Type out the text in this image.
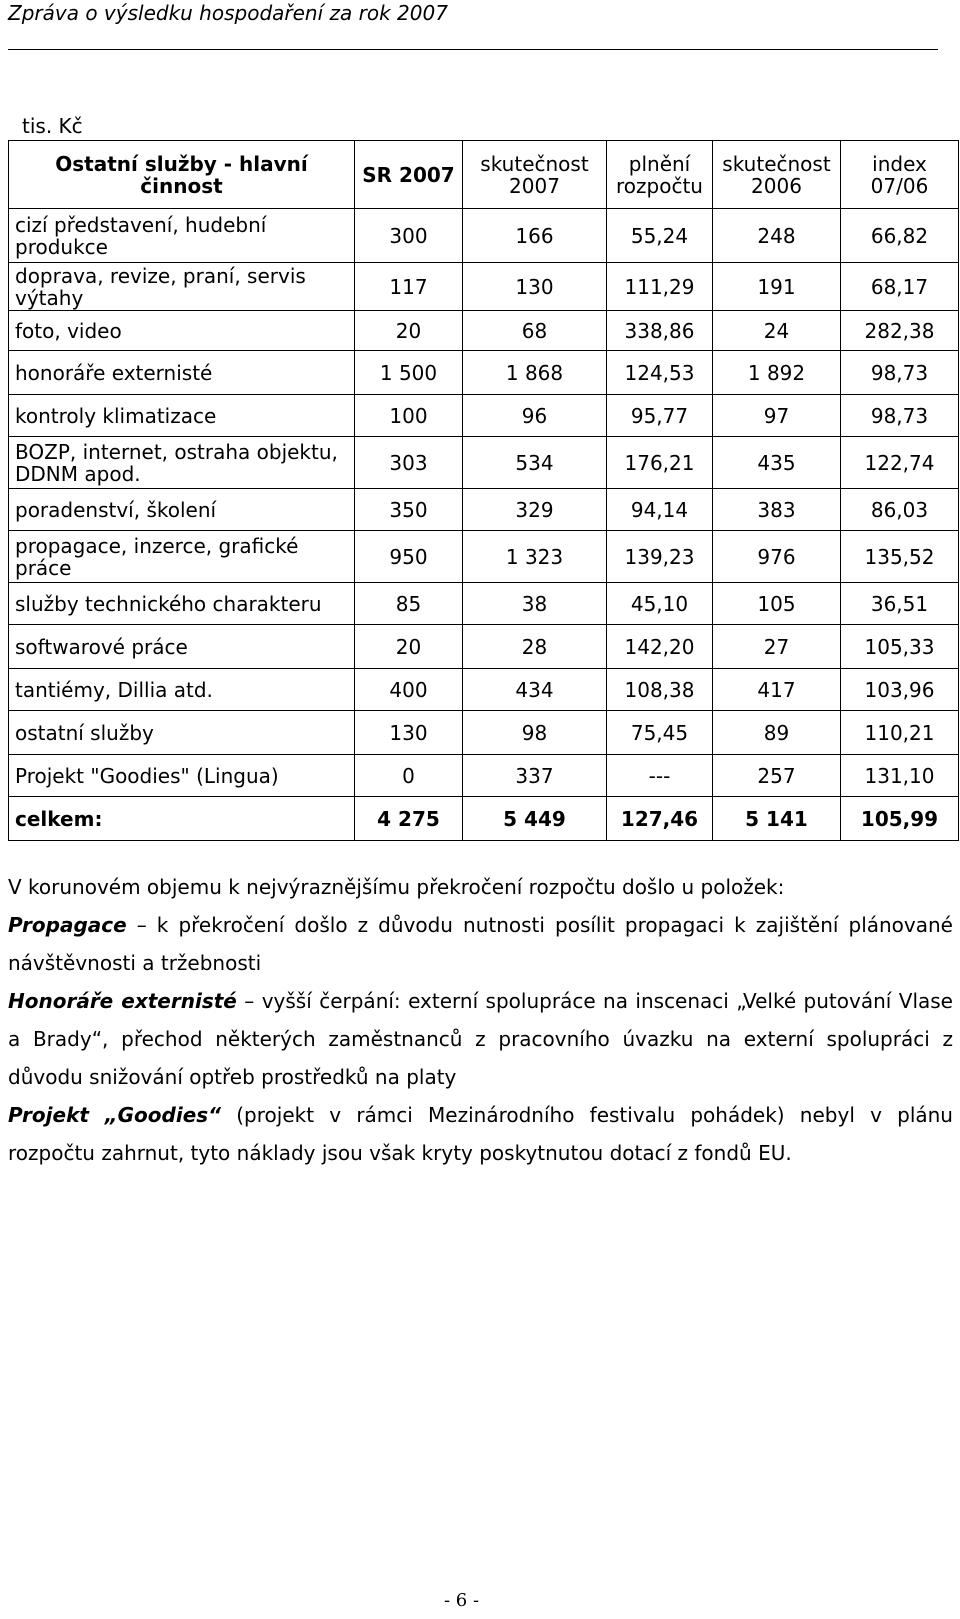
Zpráva o výsledku hospodaření za rok 2007
tis. Kč
Ostatní služby - hlavní činnost	SR 2007	skutečnost 2007	plnění rozpočtu	skutečnost 2006	index 07/06
cizí představení, hudební produkce	300	166	55,24	248	66,82
doprava, revize, praní, servis výtahy	117	130	111,29	191	68,17
foto, video	20	68	338,86	24	282,38
honoráře externisté	1 500	1 868	124,53	1 892	98,73
kontroly klimatizace	100	96	95,77	97	98,73
BOZP, internet, ostraha objektu, DDNM apod.	303	534	176,21	435	122,74
poradenství, školení	350	329	94,14	383	86,03
propagace, inzerce, grafické práce	950	1 323	139,23	976	135,52
služby technického charakteru	85	38	45,10	105	36,51
softwarové práce	20	28	142,20	27	105,33
tantiémy, Dillia atd.	400	434	108,38	417	103,96
ostatní služby	130	98	75,45	89	110,21
Projekt "Goodies" (Lingua)	0	337	---	257	131,10
celkem:	4 275	5 449	127,46	5 141	105,99

V korunovém objemu k nejvýraznějšímu překročení rozpočtu došlo u položek:

Propagace – k překročení došlo z důvodu nutnosti posílit propagaci k zajištění plánované návštěvnosti a tržebnosti

Honoráře externisté – vyšší čerpání: externí spolupráce na inscenaci „Velké putování Vlase a Brady“, přechod některých zaměstnanců z pracovního úvazku na externí spolupráci z důvodu snižování optřeb prostředků na platy

Projekt „Goodies“ (projekt v rámci Mezinárodního festivalu pohádek) nebyl v plánu rozpočtu zahrnut, tyto náklady jsou však kryty poskytnutou dotací z fondů EU.

- 6 -
